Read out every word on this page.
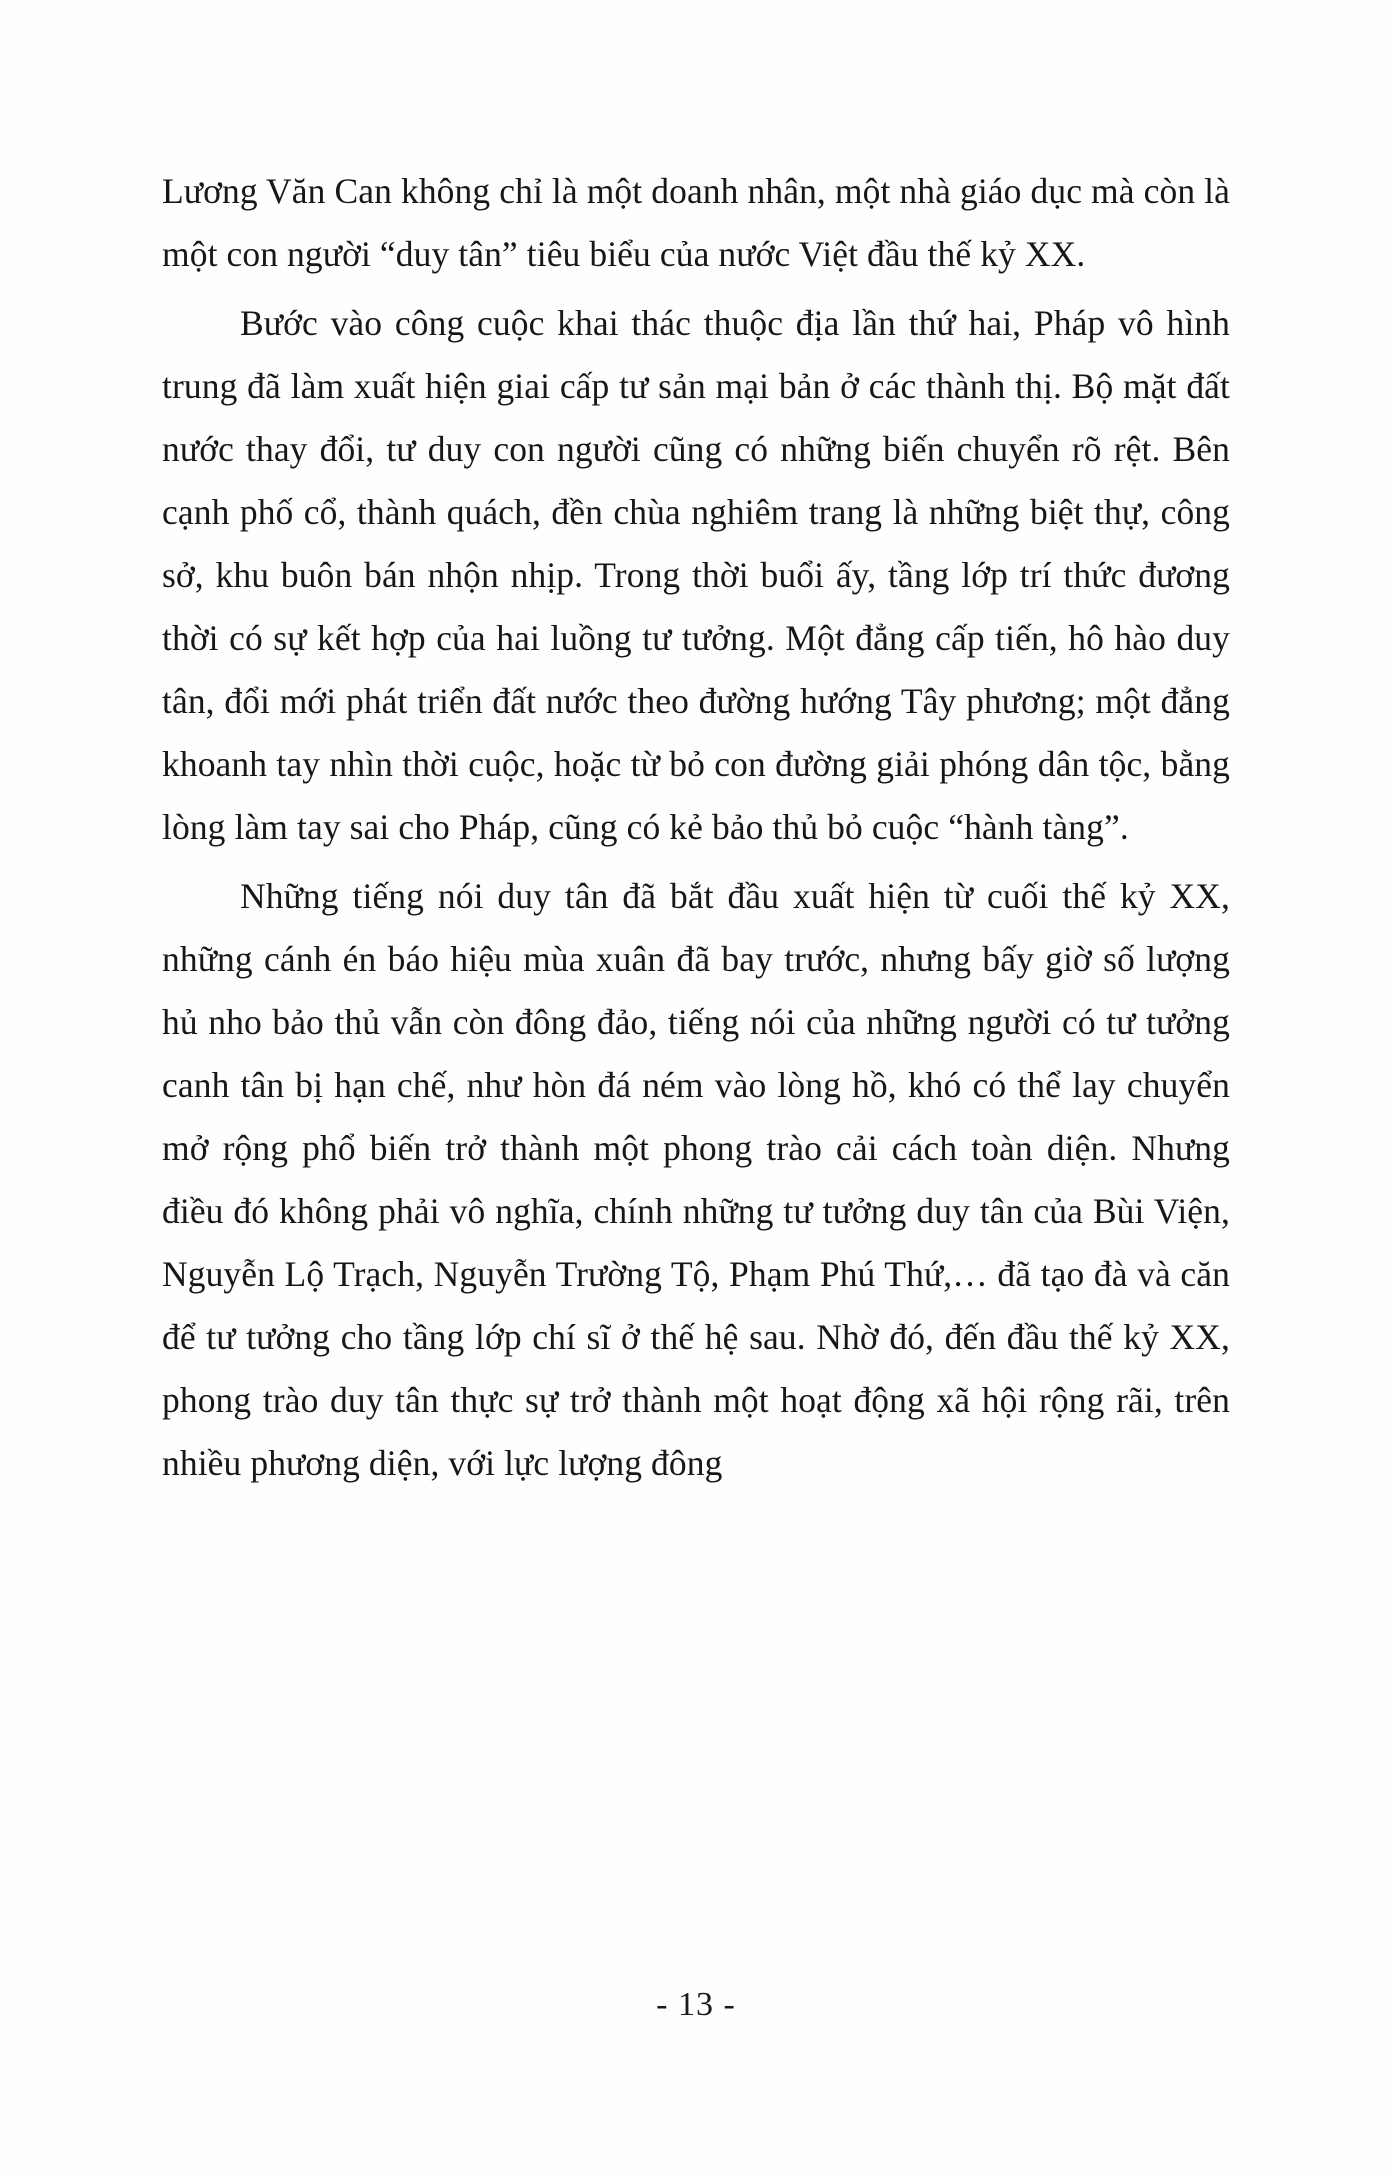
Lương Văn Can không chỉ là một doanh nhân, một nhà giáo dục mà còn là một con người “duy tân” tiêu biểu của nước Việt đầu thế kỷ XX.

Bước vào công cuộc khai thác thuộc địa lần thứ hai, Pháp vô hình trung đã làm xuất hiện giai cấp tư sản mại bản ở các thành thị. Bộ mặt đất nước thay đổi, tư duy con người cũng có những biến chuyển rõ rệt. Bên cạnh phố cổ, thành quách, đền chùa nghiêm trang là những biệt thự, công sở, khu buôn bán nhộn nhịp. Trong thời buổi ấy, tầng lớp trí thức đương thời có sự kết hợp của hai luồng tư tưởng. Một đẳng cấp tiến, hô hào duy tân, đổi mới phát triển đất nước theo đường hướng Tây phương; một đẳng khoanh tay nhìn thời cuộc, hoặc từ bỏ con đường giải phóng dân tộc, bằng lòng làm tay sai cho Pháp, cũng có kẻ bảo thủ bỏ cuộc “hành tàng”.

Những tiếng nói duy tân đã bắt đầu xuất hiện từ cuối thế kỷ XX, những cánh én báo hiệu mùa xuân đã bay trước, nhưng bấy giờ số lượng hủ nho bảo thủ vẫn còn đông đảo, tiếng nói của những người có tư tưởng canh tân bị hạn chế, như hòn đá ném vào lòng hồ, khó có thể lay chuyển mở rộng phổ biến trở thành một phong trào cải cách toàn diện. Nhưng điều đó không phải vô nghĩa, chính những tư tưởng duy tân của Bùi Viện, Nguyễn Lộ Trạch, Nguyễn Trường Tộ, Phạm Phú Thứ,… đã tạo đà và căn để tư tưởng cho tầng lớp chí sĩ ở thế hệ sau. Nhờ đó, đến đầu thế kỷ XX, phong trào duy tân thực sự trở thành một hoạt động xã hội rộng rãi, trên nhiều phương diện, với lực lượng đông

- 13 -
